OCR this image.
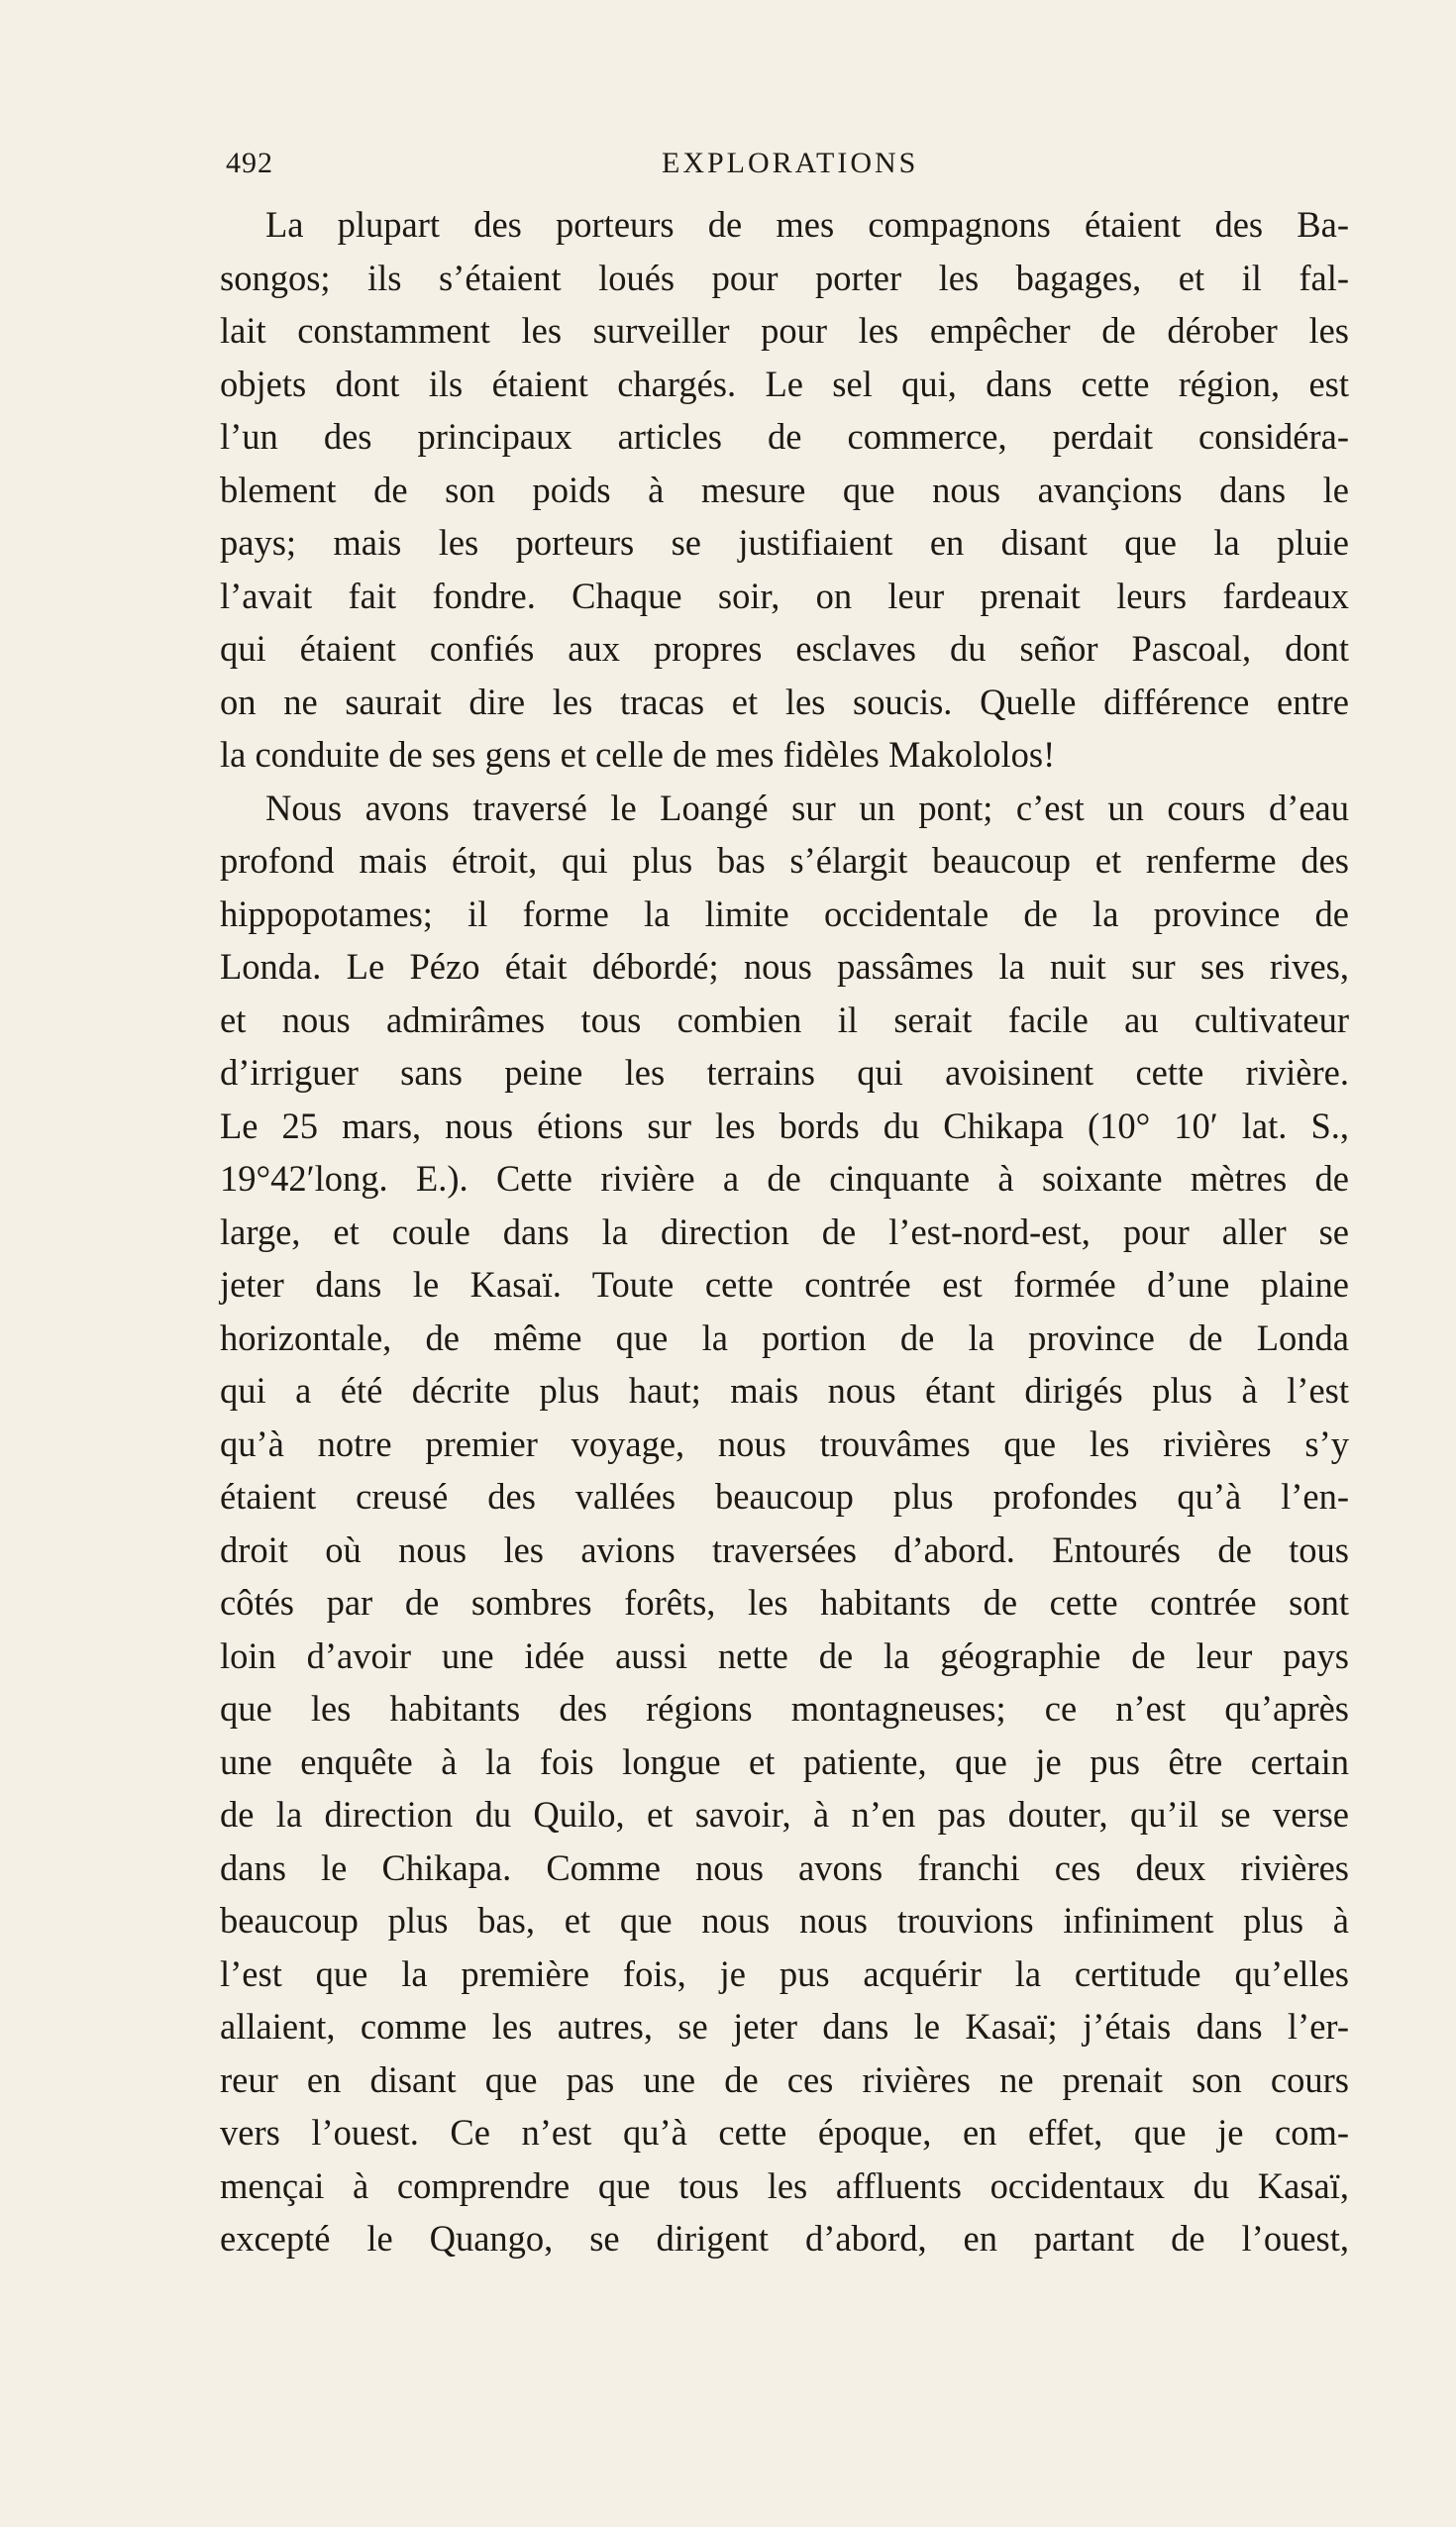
492	EXPLORATIONS
La plupart des porteurs de mes compagnons étaient des Ba-
songos; ils s’étaient loués pour porter les bagages, et il fal-
lait constamment les surveiller pour les empêcher de dérober les
objets dont ils étaient chargés. Le sel qui, dans cette région, est
l’un des principaux articles de commerce, perdait considéra-
blement de son poids à mesure que nous avançions dans le
pays; mais les porteurs se justifiaient en disant que la pluie
l’avait fait fondre. Chaque soir, on leur prenait leurs fardeaux
qui étaient confiés aux propres esclaves du señor Pascoal, dont
on ne saurait dire les tracas et les soucis. Quelle différence entre
la conduite de ses gens et celle de mes fidèles Makololos!
Nous avons traversé le Loangé sur un pont; c’est un cours d’eau
profond mais étroit, qui plus bas s’élargit beaucoup et renferme des
hippopotames; il forme la limite occidentale de la province de
Londa. Le Pézo était débordé; nous passâmes la nuit sur ses rives,
et nous admirâmes tous combien il serait facile au cultivateur
d’irriguer sans peine les terrains qui avoisinent cette rivière.
Le 25 mars, nous étions sur les bords du Chikapa (10° 10′ lat. S.,
19°42′long. E.). Cette rivière a de cinquante à soixante mètres de
large, et coule dans la direction de l’est-nord-est, pour aller se
jeter dans le Kasaï. Toute cette contrée est formée d’une plaine
horizontale, de même que la portion de la province de Londa
qui a été décrite plus haut; mais nous étant dirigés plus à l’est
qu’à notre premier voyage, nous trouvâmes que les rivières s’y
étaient creusé des vallées beaucoup plus profondes qu’à l’en-
droit où nous les avions traversées d’abord. Entourés de tous
côtés par de sombres forêts, les habitants de cette contrée sont
loin d’avoir une idée aussi nette de la géographie de leur pays
que les habitants des régions montagneuses; ce n’est qu’après
une enquête à la fois longue et patiente, que je pus être certain
de la direction du Quilo, et savoir, à n’en pas douter, qu’il se verse
dans le Chikapa. Comme nous avons franchi ces deux rivières
beaucoup plus bas, et que nous nous trouvions infiniment plus à
l’est que la première fois, je pus acquérir la certitude qu’elles
allaient, comme les autres, se jeter dans le Kasaï; j’étais dans l’er-
reur en disant que pas une de ces rivières ne prenait son cours
vers l’ouest. Ce n’est qu’à cette époque, en effet, que je com-
mençai à comprendre que tous les affluents occidentaux du Kasaï,
excepté le Quango, se dirigent d’abord, en partant de l’ouest,
